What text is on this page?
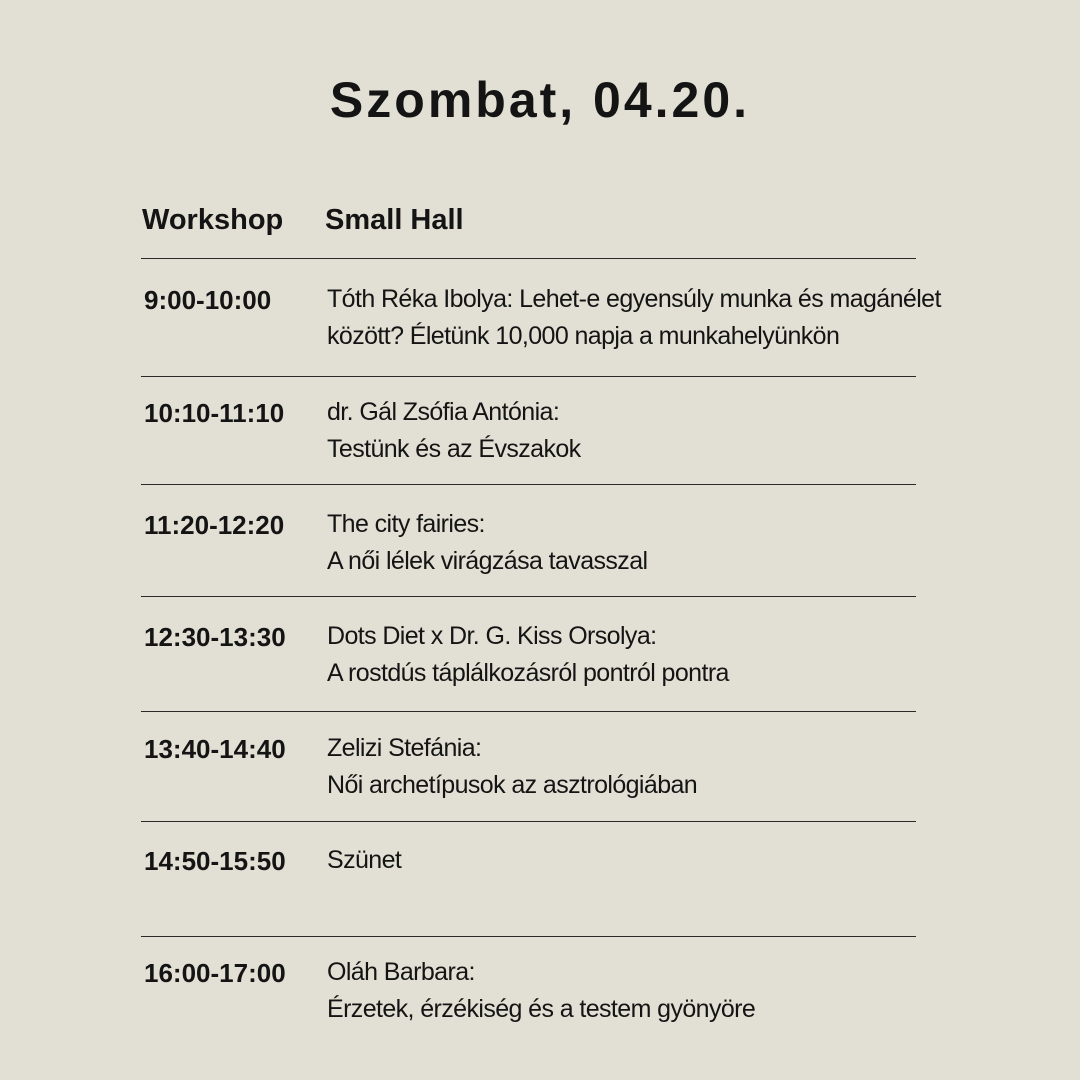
Szombat, 04.20.
Workshop Small Hall
9:00-10:00 Tóth Réka Ibolya: Lehet-e egyensúly munka és magánélet
között? Életünk 10,000 napja a munkahelyünkön
10:10-11:10 dr. Gál Zsófia Antónia:
Testünk és az Évszakok
11:20-12:20 The city fairies:
A női lélek virágzása tavasszal
12:30-13:30 Dots Diet x Dr. G. Kiss Orsolya:
A rostdús táplálkozásról pontról pontra
13:40-14:40 Zelizi Stefánia:
Női archetípusok az asztrológiában
14:50-15:50 Szünet
16:00-17:00 Oláh Barbara:
Érzetek, érzékiség és a testem gyönyöre
